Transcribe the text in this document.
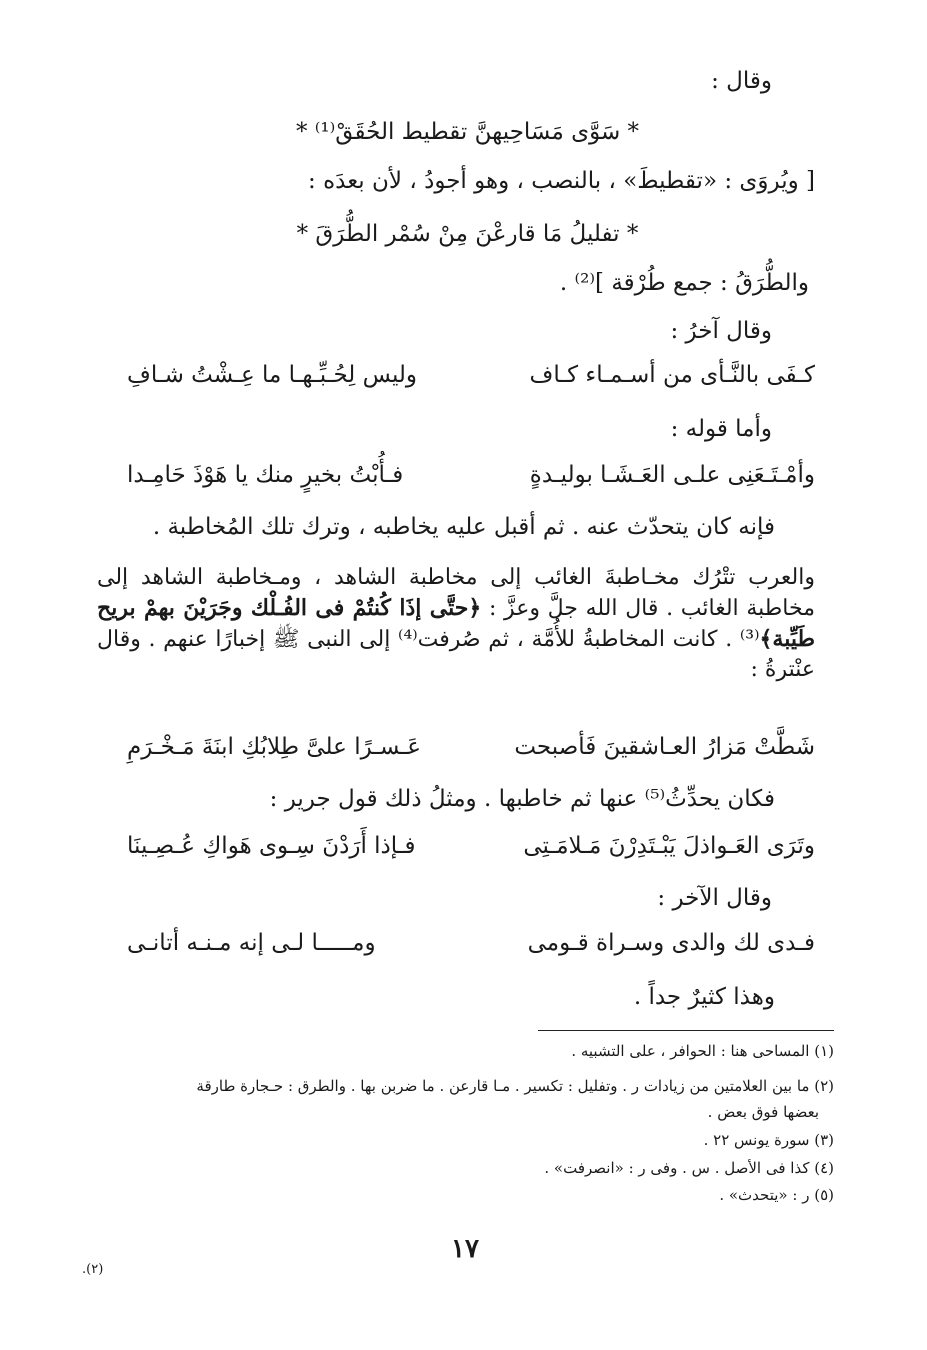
وقال :
* سَوَّى مَسَاحِيهنَّ تقطيط الحُقَقْ⁽¹⁾ *
[ ويُروَى : «تقطيطَ» ، بالنصب ، وهو أجودُ ، لأن بعدَه :
* تفليلُ مَا قارعْنَ مِنْ سُمْر الطُّرَقَ *
والطُّرَقُ : جمع طُرْقة ]⁽²⁾ .
وقال آخرُ :
كـفَى بالنَّـأى من أسـمـاء كـاف
وليس لِحُـبِّـهـا ما عِـشْتُ شـافِ
وأما قوله :
وأمْـتَـعَنِى علـى العَـشَـا بوليـدةٍ
فـأُبْتُ بخيرٍ منك يا هَوْذَ حَامِـدا
فإنه كان يتحدّث عنه . ثم أقبل عليه يخاطبه ، وترك تلك المُخاطبة .
والعرب تتْرُك مخـاطبةَ الغائب إلى مخاطبة الشاهد ، ومـخاطبة الشاهد إلى مخاطبة الغائب . قال الله جلَّ وعزَّ : ﴿حتَّى إذَا كُنتُمْ فى الفُـلْك وجَرَيْنَ بهمْ بريح طَيِّبة﴾⁽³⁾ . كانت المخاطبةُ للأُمَّة ، ثم صُرفت⁽⁴⁾ إلى النبى ﷺ إخبارًا عنهم . وقال عنْترةُ :
شَطَّتْ مَزارُ العـاشقينَ فَأصبحت
عَـسـرًا علىَّ طِلابُكِ ابنَةَ مَـخْـرَمِ
فكان يحدِّثُ⁽⁵⁾ عنها ثم خاطبها . ومثلُ ذلك قول جرير :
وتَرَى العَـواذلَ يَبْـتَدِرْنَ مَـلامَـتِى
فـإذا أَرَدْنَ سِـوى هَواكِ عُـصِـينَا
وقال الآخر :
فـدى لك والدى وسـراة قـومى
ومـــــا لـى إنه مـنـه أتانـى
وهذا كثيرٌ جداً .
(١) المساحى هنا : الحوافر ، على التشبيه .
(٢) ما بين العلامتين من زيادات ر . وتفليل : تكسير . مـا قارعن . ما ضربن بها . والطرق : حـجارة طارقة
بعضها فوق بعض .
(٣) سورة يونس ٢٢ .
(٤) كذا فى الأصل . س . وفى ر : «انصرفت» .
(٥) ر : «يتحدث» .
١٧
(٢).
